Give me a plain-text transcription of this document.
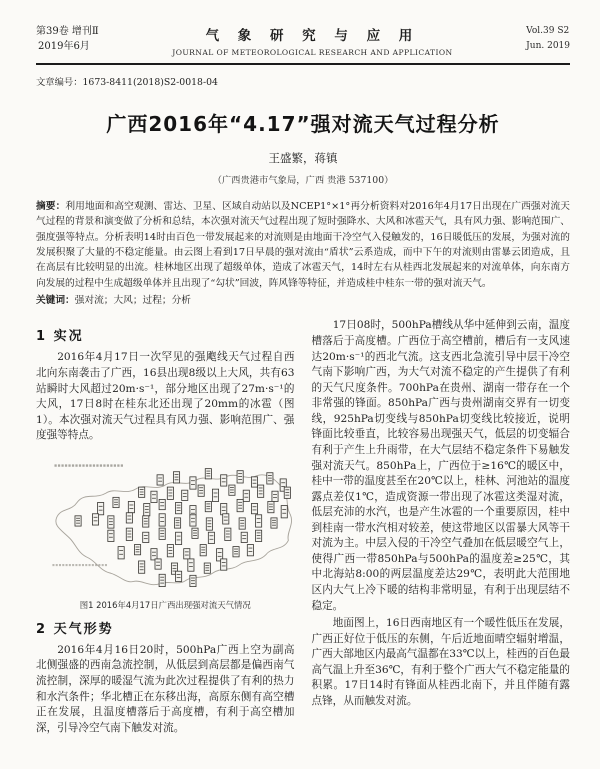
第39卷 增刊Ⅱ
2019年6月
气 象 研 究 与 应 用
JOURNAL OF METEOROLOGICAL RESEARCH AND APPLICATION
Vol.39 S2
Jun. 2019
文章编号：1673-8411(2018)S2-0018-04
广西2016年“4.17”强对流天气过程分析
王盛繁，蒋镇
（广西贵港市气象局，广西 贵港 537100）

摘要：利用地面和高空观测、雷达、卫星、区域自动站以及NCEP1°×1°再分析资料对2016年4月17日出现在广西强对流天气过程的背景和演变做了分析和总结，本次强对流天气过程出现了短时强降水、大风和冰雹天气，具有风力强、影响范围广、强度强等特点。分析表明14时由百色一带发展起来的对流则是由地面干冷空气入侵触发的，16日暖低压的发展，为强对流的发展积聚了大量的不稳定能量。由云图上看到17日早晨的强对流由“盾状”云系造成，而中下午的对流则由雷暴云团造成，且在高层有比较明显的出流。桂林地区出现了超级单体，造成了冰雹天气，14时左右从桂西北发展起来的对流单体，向东南方向发展的过程中生成超级单体并且出现了“勾状”回波，阵风锋等特征，并造成桂中桂东一带的强对流天气。

关键词：强对流；大风；过程；分析

1 实况

2016年4月17日一次罕见的强飑线天气过程自西北向东南袭击了广西，16县出现8级以上大风，共有63站瞬时大风超过20m·s⁻¹，部分地区出现了27m·s⁻¹的大风，17日8时在桂东北还出现了20mm的冰雹（图1）。本次强对流天气过程具有风力强、影响范围广、强度强等特点。

图1 2016年4月17日广西出现强对流天气情况
2 天气形势

2016年4月16日20时，500hPa广西上空为副高北侧强盛的西南急流控制，从低层到高层都是偏西南气流控制，深厚的暖湿气流为此次过程提供了有利的热力和水汽条件；华北槽正在东移出海，高原东侧有高空槽正在发展，且温度槽落后于高度槽，有利于高空槽加深，引导冷空气南下触发对流。

17日08时，500hPa槽线从华中延伸到云南，温度槽落后于高度槽。广西位于高空槽前，槽后有一支风速达20m·s⁻¹的西北气流。这支西北急流引导中层干冷空气南下影响广西，为大气对流不稳定的产生提供了有利的天气尺度条件。700hPa在贵州、湖南一带存在一个非常强的锋面。850hPa广西与贵州湖南交界有一切变线，925hPa切变线与850hPa切变线比较接近，说明锋面比较垂直，比较容易出现强天气，低层的切变辐合有利于产生上升雨带，在大气层结不稳定条件下易触发强对流天气。850hPa上，广西位于≥16℃的暖区中，桂中一带的温度甚至在20℃以上，桂林、河池站的温度露点差仅1℃，造成资源一带出现了冰雹这类湿对流，低层充沛的水汽，也是产生冰雹的一个重要原因，桂中到桂南一带水汽相对较差，使这带地区以雷暴大风等干对流为主。中层入侵的干冷空气叠加在低层暖空气上，使得广西一带850hPa与500hPa的温度差≥25℃，其中北海站8:00的两层温度差达29℃，表明此大范围地区内大气上冷下暖的结构非常明显，有利于出现层结不稳定。

地面图上，16日西南地区有一个暖性低压在发展，广西正好位于低压的东侧，午后近地面晴空辐射增温，广西大部地区内最高气温都在33℃以上，桂西的百色最高气温上升至36℃，有利于整个广西大气不稳定能量的积累。17日14时有锋面从桂西北南下，并且伴随有露点锋，从而触发对流。
